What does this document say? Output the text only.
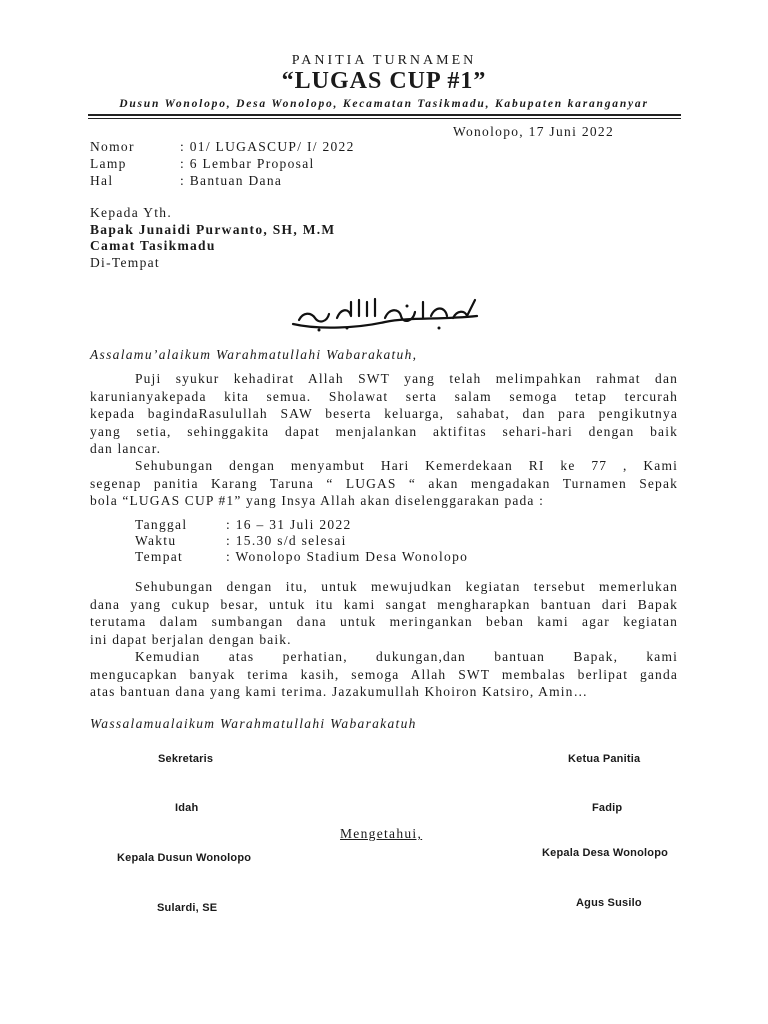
PANITIA TURNAMEN
“LUGAS CUP #1”
Dusun Wonolopo, Desa Wonolopo, Kecamatan Tasikmadu, Kabupaten karanganyar
Wonolopo, 17 Juni 2022
Nomor	: 01/ LUGASCUP/ I/ 2022
Lamp	: 6 Lembar Proposal
Hal	: Bantuan Dana
Kepada Yth.
Bapak Junaidi Purwanto, SH, M.M
Camat Tasikmadu
Di-Tempat
Assalamu’alaikum Warahmatullahi Wabarakatuh,
Puji syukur kehadirat Allah SWT yang telah melimpahkan rahmat dan
karunianyakepada kita semua. Sholawat serta salam semoga tetap tercurah
kepada bagindaRasulullah SAW beserta keluarga, sahabat, dan para pengikutnya
yang setia, sehinggakita dapat menjalankan aktifitas sehari-hari dengan baik
dan lancar.
Sehubungan dengan menyambut Hari Kemerdekaan RI ke 77 , Kami
segenap panitia Karang Taruna “ LUGAS “ akan mengadakan Turnamen Sepak
bola “LUGAS CUP #1” yang Insya Allah akan diselenggarakan pada :
Tanggal	: 16 – 31 Juli 2022
Waktu	: 15.30 s/d selesai
Tempat	: Wonolopo Stadium Desa Wonolopo
Sehubungan dengan itu, untuk mewujudkan kegiatan tersebut memerlukan
dana yang cukup besar, untuk itu kami sangat mengharapkan bantuan dari Bapak
terutama dalam sumbangan dana untuk meringankan beban kami agar kegiatan
ini dapat berjalan dengan baik.
Kemudian atas perhatian, dukungan,dan bantuan Bapak, kami
mengucapkan banyak terima kasih, semoga Allah SWT membalas berlipat ganda
atas bantuan dana yang kami terima. Jazakumullah Khoiron Katsiro, Amin…
Wassalamualaikum Warahmatullahi Wabarakatuh
Sekretaris	Ketua Panitia
Idah	Fadip
Mengetahui,
Kepala Dusun Wonolopo	Kepala Desa Wonolopo
Sulardi, SE	Agus Susilo
